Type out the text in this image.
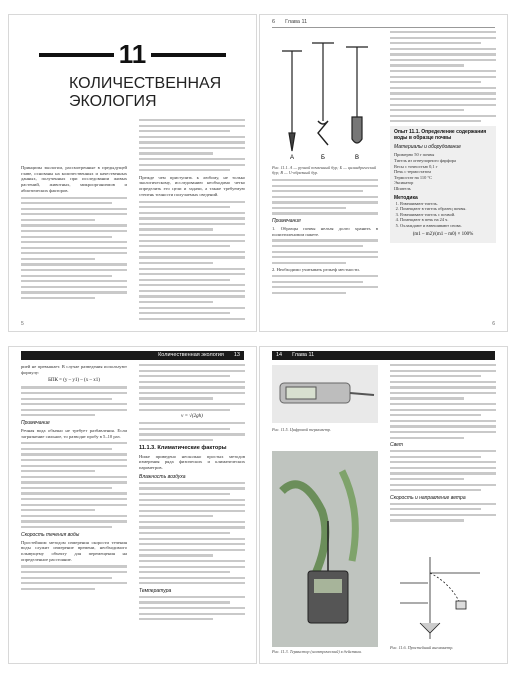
11
КОЛИЧЕСТВЕННАЯ
ЭКОЛОГИЯ
Принципы экологии, рассмотренные в предыдущей главе, основаны на количественных и качественных данных, полученных при исследовании живых растений, животных, микроорганизмов и абиотических факторов.
Прежде чем приступить к любому, не только экологическому, исследованию необходимо четко определить его цели и задачи, а также требуемую степень точности получаемых сведений.
5
6 Глава 11
А	Б	В
Рис. 11.1. А — ручной почвенный бур; Б — цилиндрический бур; В — U-образный бур.
Примечания
1. Образцы почвы нельзя долго хранить в полиэтиленовом пакете.
2. Необходимо учитывать рельеф местности.
Опыт 11.1. Определение содержания воды в образце почвы
Материалы и оборудование
Примерно 50 г почвы
Тигель из огнеупорного фарфора
Весы с точностью 0,1 г
Печь с термостатом
Термостат на 110 °C
Эксикатор
Шпатель
Методика
1. Взвешивают тигель.
2. Помещают в тигель образец почвы.
3. Взвешивают тигель с почвой.
4. Помещают в печь на 24 ч.
5. Охлаждают и взвешивают снова.
(m1 – m2)/(m1 – m0) × 100%
6
Количественная экология 13
рией не превышает. В случае разведения используют формулу:
БПК = (y – y1) – (x – x1)
Примечание
Речная вода обычно не требует разбавления. Если загрязнение сильное, то разводят пробу в 5–10 раз.
Скорость течения воды
Простейшим методом измерения скорости течения воды служит измерение времени, необходимого плывущему объекту для перемещения на определенное расстояние.
v = √(2gh)
11.1.3. Климатические факторы
Ниже приведено несколько простых методов измерения ряда физических и климатических параметров.
Влажность воздуха
Температура
14 Глава 11
Рис. 11.5. Цифровой термометр.
Рис. 11.3. Термистор (электрический) в действии.
Свет
Скорость и направление ветра
Рис. 11.6. Простейший анемометр.
